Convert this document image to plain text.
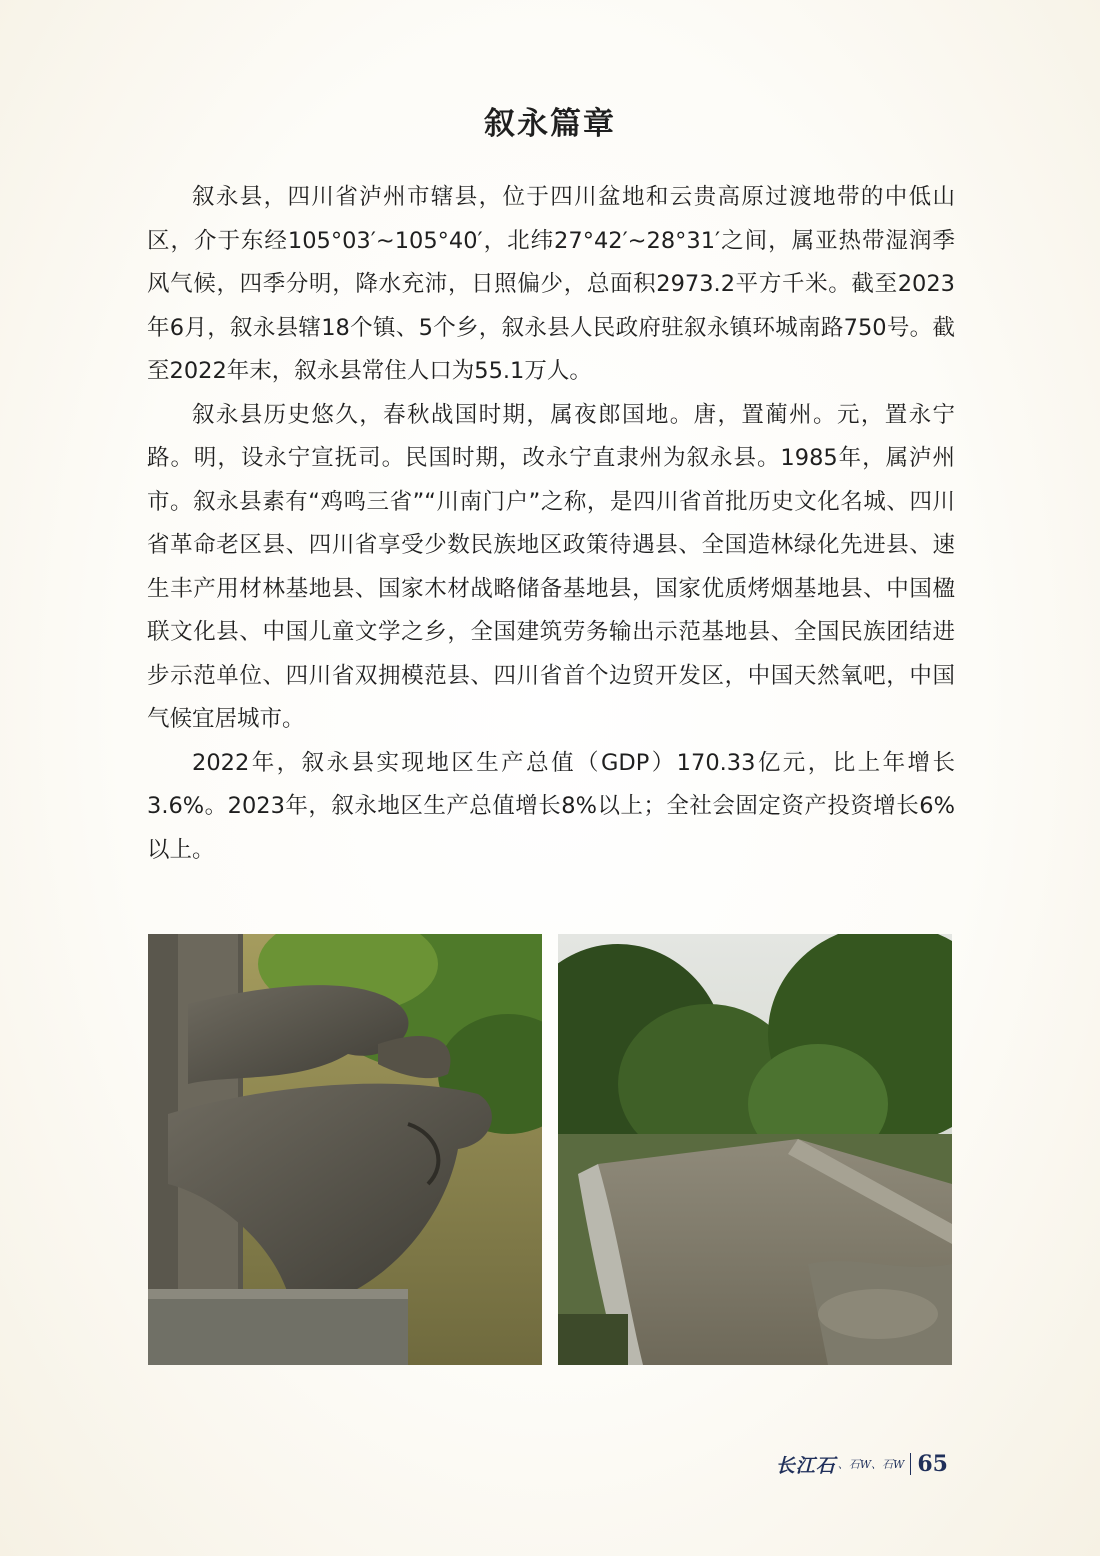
叙永篇章

叙永县，四川省泸州市辖县，位于四川盆地和云贵高原过渡地带的中低山区，介于东经105°03′~105°40′，北纬27°42′~28°31′之间，属亚热带湿润季风气候，四季分明，降水充沛，日照偏少，总面积2973.2平方千米。截至2023年6月，叙永县辖18个镇、5个乡，叙永县人民政府驻叙永镇环城南路750号。截至2022年末，叙永县常住人口为55.1万人。

叙永县历史悠久，春秋战国时期，属夜郎国地。唐，置蔺州。元，置永宁路。明，设永宁宣抚司。民国时期，改永宁直隶州为叙永县。1985年，属泸州市。叙永县素有“鸡鸣三省”“川南门户”之称，是四川省首批历史文化名城、四川省革命老区县、四川省享受少数民族地区政策待遇县、全国造林绿化先进县、速生丰产用材林基地县、国家木材战略储备基地县，国家优质烤烟基地县、中国楹联文化县、中国儿童文学之乡，全国建筑劳务输出示范基地县、全国民族团结进步示范单位、四川省双拥模范县、四川省首个边贸开发区，中国天然氧吧，中国气候宜居城市。

2022年，叙永县实现地区生产总值（GDP）170.33亿元，比上年增长3.6%。2023年，叙永地区生产总值增长8%以上；全社会固定资产投资增长6%以上。

长江石 、石W、石W 65
